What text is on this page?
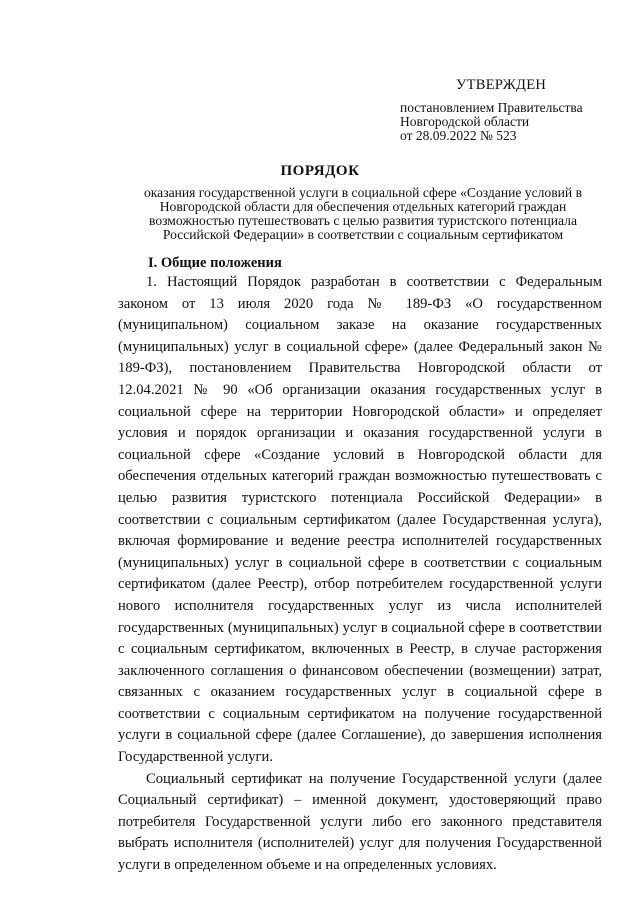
УТВЕРЖДЕН
постановлением Правительства
Новгородской области
от 28.09.2022 № 523
ПОРЯДОК
оказания государственной услуги в социальной сфере «Создание условий в Новгородской области для обеспечения отдельных категорий граждан возможностью путешествовать с целью развития туристского потенциала Российской Федерации» в соответствии с социальным сертификатом
I. Общие положения

1. Настоящий Порядок разработан в соответствии с Федеральным законом от 13 июля 2020 года № 189-ФЗ «О государственном (муниципальном) социальном заказе на оказание государственных (муниципальных) услуг в социальной сфере» (далее Федеральный закон № 189-ФЗ), постановлением Правительства Новгородской области от 12.04.2021 № 90 «Об организации оказания государственных услуг в социальной сфере на территории Новгородской области» и определяет условия и порядок организации и оказания государственной услуги в социальной сфере «Создание условий в Новгородской области для обеспечения отдельных категорий граждан возможностью путешествовать с целью развития туристского потенциала Российской Федерации» в соответствии с социальным сертификатом (далее Государственная услуга), включая формирование и ведение реестра исполнителей государственных (муниципальных) услуг в социальной сфере в соответствии с социальным сертификатом (далее Реестр), отбор потребителем государственной услуги нового исполнителя государственных услуг из числа исполнителей государственных (муниципальных) услуг в социальной сфере в соответствии с социальным сертификатом, включенных в Реестр, в случае расторжения заключенного соглашения о финансовом обеспечении (возмещении) затрат, связанных с оказанием государственных услуг в социальной сфере в соответствии с социальным сертификатом на получение государственной услуги в социальной сфере (далее Соглашение), до завершения исполнения Государственной услуги.

Социальный сертификат на получение Государственной услуги (далее Социальный сертификат) – именной документ, удостоверяющий право потребителя Государственной услуги либо его законного представителя выбрать исполнителя (исполнителей) услуг для получения Государственной услуги в определенном объеме и на определенных условиях.
